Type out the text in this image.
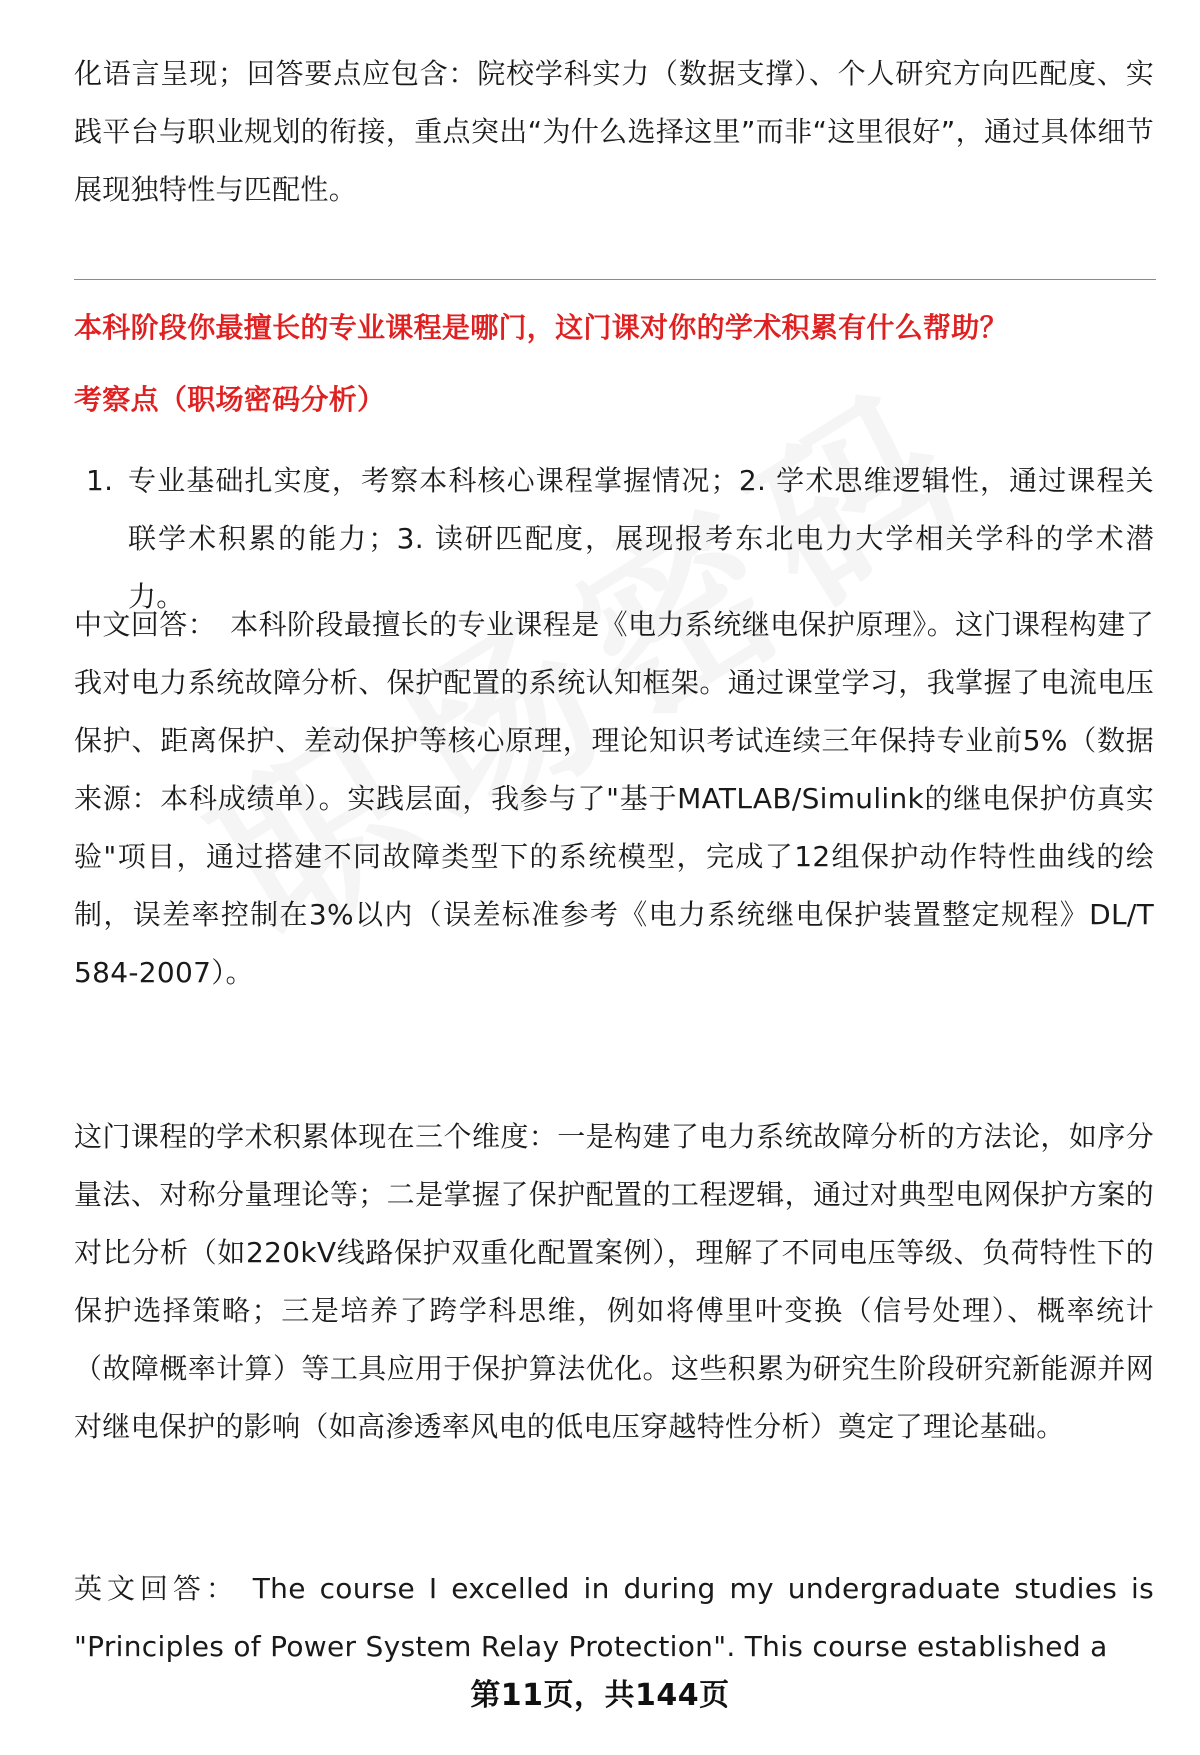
化语言呈现；回答要点应包含：院校学科实力（数据支撑）、个人研究方向匹配度、实践平台与职业规划的衔接，重点突出“为什么选择这里”而非“这里很好”，通过具体细节展现独特性与匹配性。

本科阶段你最擅长的专业课程是哪门，这门课对你的学术积累有什么帮助？

考察点（职场密码分析）

1. 专业基础扎实度，考察本科核心课程掌握情况；2. 学术思维逻辑性，通过课程关联学术积累的能力；3. 读研匹配度，展现报考东北电力大学相关学科的学术潜力。

中文回答： 本科阶段最擅长的专业课程是《电力系统继电保护原理》。这门课程构建了我对电力系统故障分析、保护配置的系统认知框架。通过课堂学习，我掌握了电流电压保护、距离保护、差动保护等核心原理，理论知识考试连续三年保持专业前5%（数据来源：本科成绩单）。实践层面，我参与了"基于MATLAB/Simulink的继电保护仿真实验"项目，通过搭建不同故障类型下的系统模型，完成了12组保护动作特性曲线的绘制，误差率控制在3%以内（误差标准参考《电力系统继电保护装置整定规程》DL/T 584-2007）。

这门课程的学术积累体现在三个维度：一是构建了电力系统故障分析的方法论，如序分量法、对称分量理论等；二是掌握了保护配置的工程逻辑，通过对典型电网保护方案的对比分析（如220kV线路保护双重化配置案例），理解了不同电压等级、负荷特性下的保护选择策略；三是培养了跨学科思维，例如将傅里叶变换（信号处理）、概率统计（故障概率计算）等工具应用于保护算法优化。这些积累为研究生阶段研究新能源并网对继电保护的影响（如高渗透率风电的低电压穿越特性分析）奠定了理论基础。

英文回答： The course I excelled in during my undergraduate studies is "Principles of Power System Relay Protection". This course established a

第11页，共144页
